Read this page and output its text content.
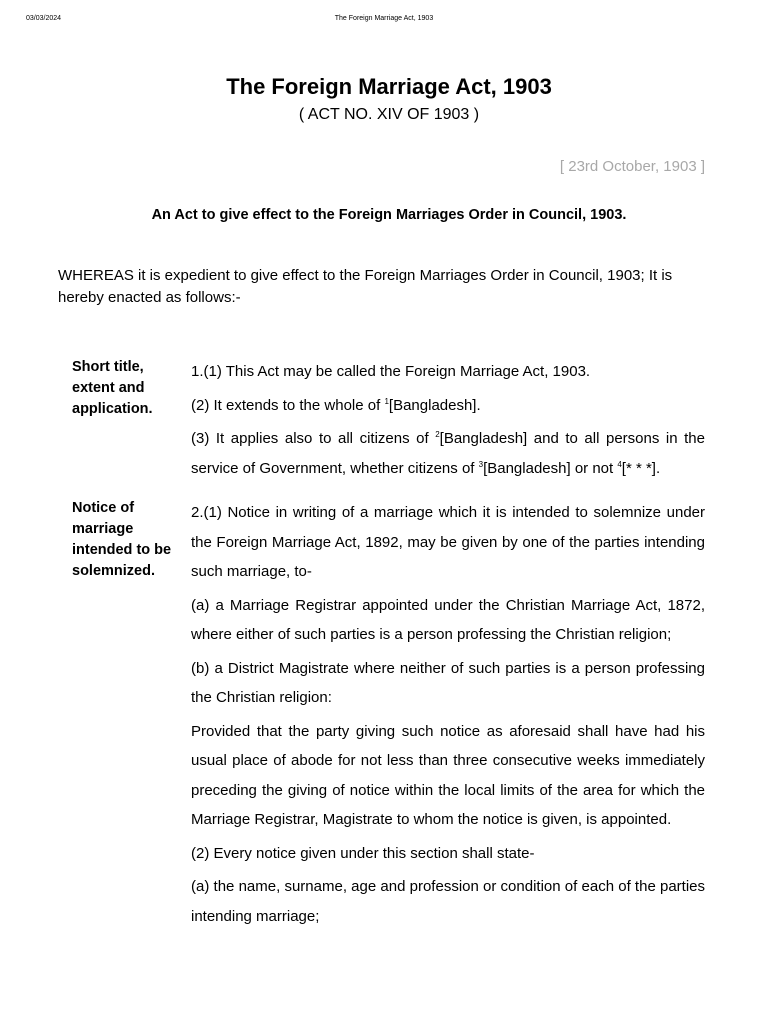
03/03/2024	The Foreign Marriage Act, 1903
The Foreign Marriage Act, 1903
( ACT NO. XIV OF 1903 )
[ 23rd October, 1903 ]
An Act to give effect to the Foreign Marriages Order in Council, 1903.
WHEREAS it is expedient to give effect to the Foreign Marriages Order in Council, 1903; It is hereby enacted as follows:-
Short title, extent and application.

1.(1) This Act may be called the Foreign Marriage Act, 1903.

(2) It extends to the whole of $^1$[Bangladesh].

(3) It applies also to all citizens of $^2$[Bangladesh] and to all persons in the service of Government, whether citizens of $^3$[Bangladesh] or not $^4$[* * *].

Notice of marriage intended to be solemnized.

2.(1) Notice in writing of a marriage which it is intended to solemnize under the Foreign Marriage Act, 1892, may be given by one of the parties intending such marriage, to-

(a) a Marriage Registrar appointed under the Christian Marriage Act, 1872, where either of such parties is a person professing the Christian religion;

(b) a District Magistrate where neither of such parties is a person professing the Christian religion:

Provided that the party giving such notice as aforesaid shall have had his usual place of abode for not less than three consecutive weeks immediately preceding the giving of notice within the local limits of the area for which the Marriage Registrar, Magistrate to whom the notice is given, is appointed.

(2) Every notice given under this section shall state-

(a) the name, surname, age and profession or condition of each of the parties intending marriage;
